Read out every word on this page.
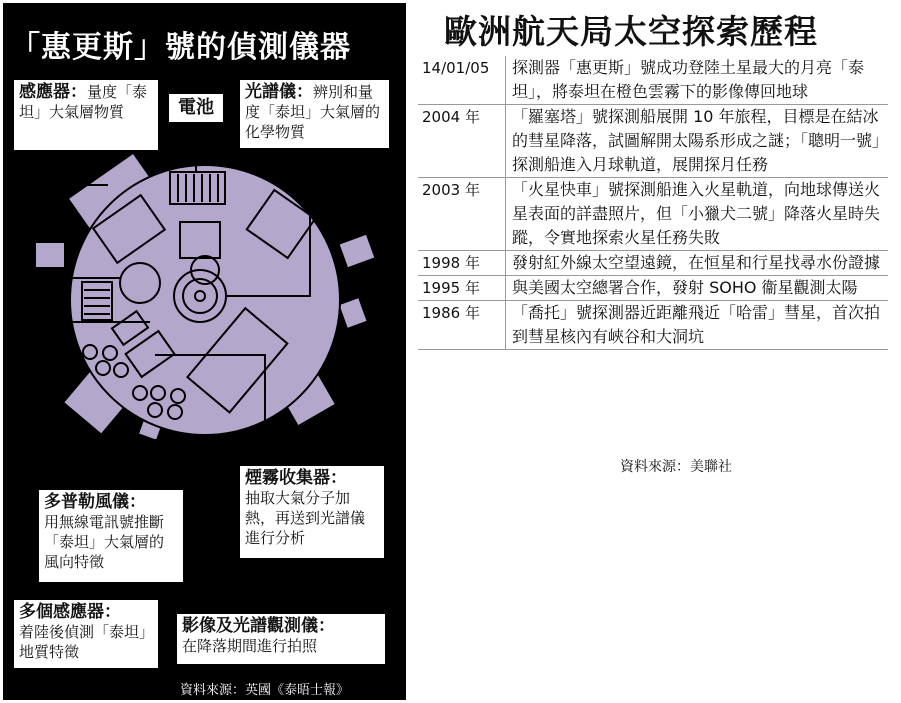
「惠更斯」號的偵測儀器
感應器：量度「泰坦」大氣層物質	電池
光譜儀：辨別和量度「泰坦」大氣層的化學物質
煙霧收集器：
抽取大氣分子加熱，再送到光譜儀進行分析
多普勒風儀：
用無線電訊號推斷「泰坦」大氣層的風向特徵
多個感應器：
着陸後偵測「泰坦」地質特徵
影像及光譜觀測儀：
在降落期間進行拍照
資料來源：英國《泰晤士報》
歐洲航天局太空探索歷程
14/01/05	探測器「惠更斯」號成功登陸土星最大的月亮「泰坦」，將泰坦在橙色雲霧下的影像傳回地球
2004 年	「羅塞塔」號探測船展開 10 年旅程，目標是在結冰的彗星降落，試圖解開太陽系形成之謎；「聰明一號」探測船進入月球軌道，展開探月任務
2003 年	「火星快車」號探測船進入火星軌道，向地球傳送火星表面的詳盡照片，但「小獵犬二號」降落火星時失蹤，令實地探索火星任務失敗
1998 年	發射紅外線太空望遠鏡，在恒星和行星找尋水份證據
1995 年	與美國太空總署合作，發射 SOHO 衞星觀測太陽
1986 年	「喬托」號探測器近距離飛近「哈雷」彗星，首次拍到彗星核內有峽谷和大洞坑
資料來源：美聯社
